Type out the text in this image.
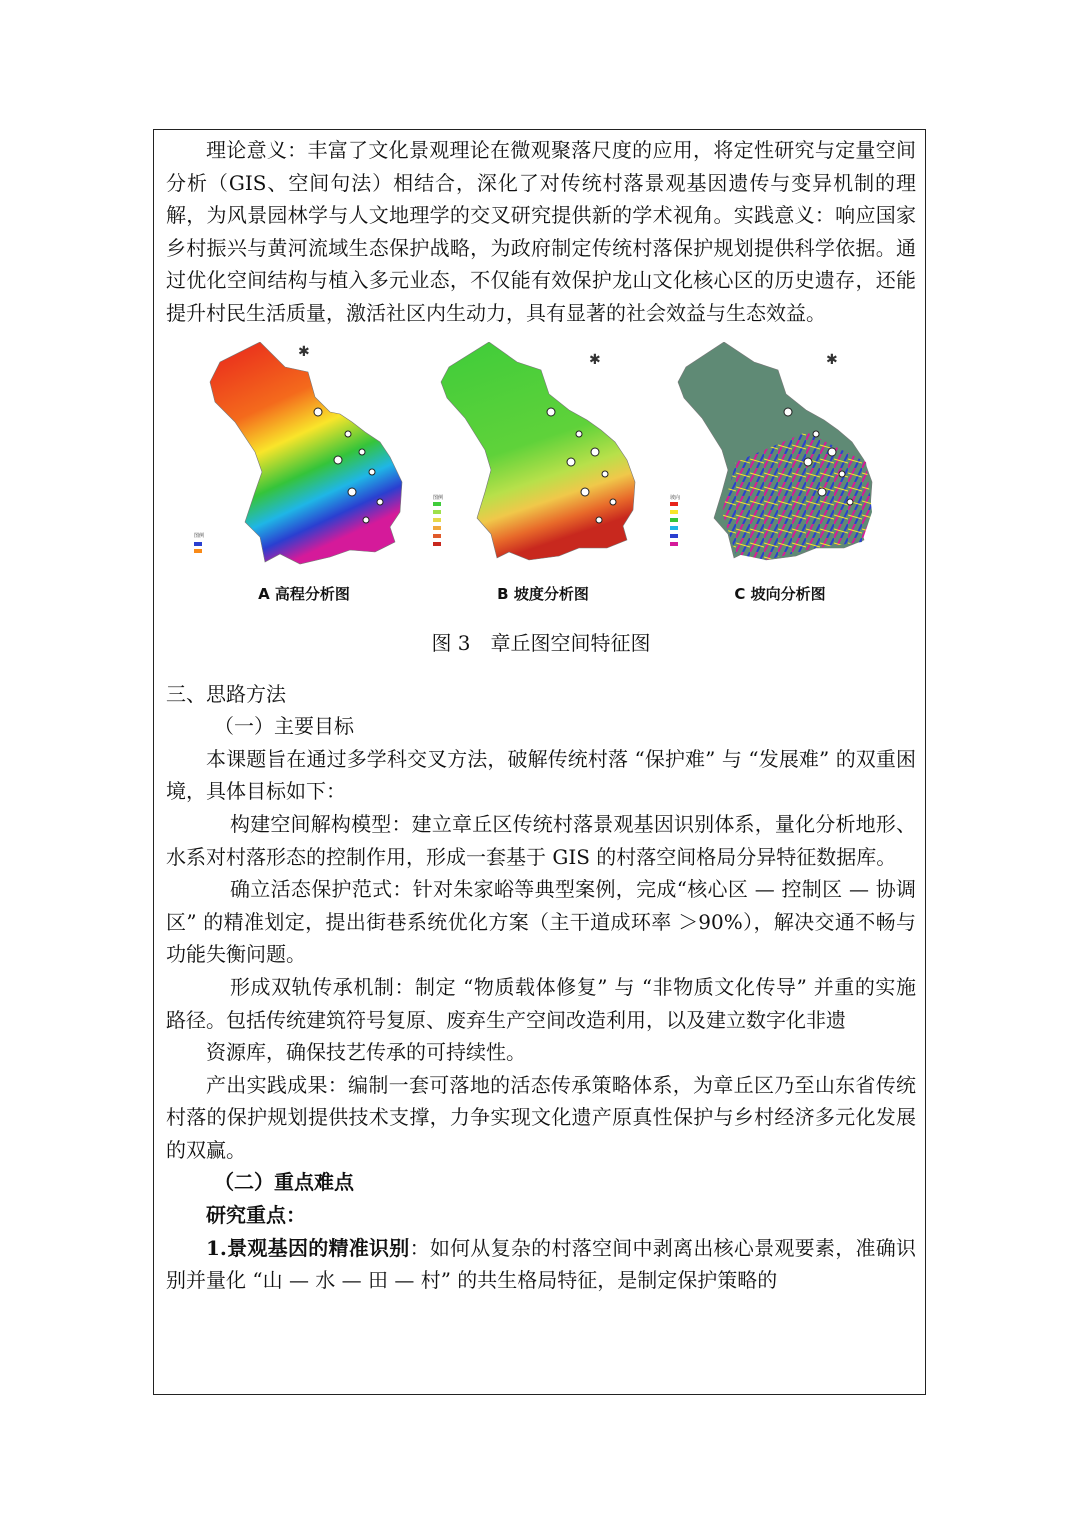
理论意义：丰富了文化景观理论在微观聚落尺度的应用，将定性研究与定量空间分析（GIS、空间句法）相结合，深化了对传统村落景观基因遗传与变异机制的理解，为风景园林学与人文地理学的交叉研究提供新的学术视角。实践意义：响应国家乡村振兴与黄河流域生态保护战略，为政府制定传统村落保护规划提供科学依据。通过优化空间结构与植入多元业态，不仅能有效保护龙山文化核心区的历史遗存，还能提升村民生活质量，激活社区内生动力，具有显著的社会效益与生态效益。

✱
图例
A 高程分析图
✱
图例
B 坡度分析图
✱
坡向
C 坡向分析图
图 3 章丘图空间特征图

三、思路方法

（一）主要目标

本课题旨在通过多学科交叉方法，破解传统村落 “保护难” 与 “发展难” 的双重困境，具体目标如下：

构建空间解构模型：建立章丘区传统村落景观基因识别体系，量化分析地形、水系对村落形态的控制作用，形成一套基于 GIS 的村落空间格局分异特征数据库。

确立活态保护范式：针对朱家峪等典型案例，完成“核心区 — 控制区 — 协调区” 的精准划定，提出街巷系统优化方案（主干道成环率 ＞90%），解决交通不畅与功能失衡问题。

形成双轨传承机制：制定 “物质载体修复” 与 “非物质文化传导” 并重的实施路径。包括传统建筑符号复原、废弃生产空间改造利用，以及建立数字化非遗

资源库，确保技艺传承的可持续性。

产出实践成果：编制一套可落地的活态传承策略体系，为章丘区乃至山东省传统村落的保护规划提供技术支撑，力争实现文化遗产原真性保护与乡村经济多元化发展的双赢。

（二）重点难点

研究重点：

1.景观基因的精准识别：如何从复杂的村落空间中剥离出核心景观要素，准确识别并量化 “山 — 水 — 田 — 村” 的共生格局特征，是制定保护策略的
